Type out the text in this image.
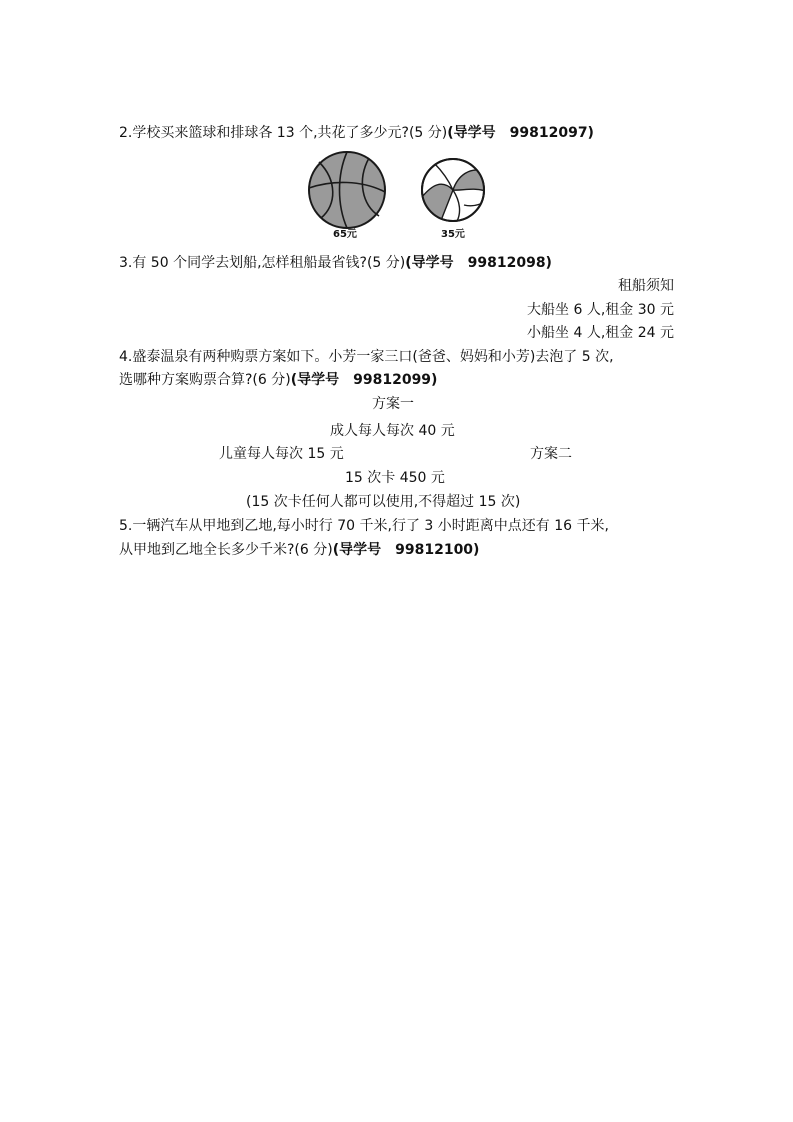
2.学校买来篮球和排球各 13 个,共花了多少元?(5 分)(导学号　99812097)
65元	35元
3.有 50 个同学去划船,怎样租船最省钱?(5 分)(导学号　99812098)
租船须知
大船坐 6 人,租金 30 元
小船坐 4 人,租金 24 元
4.盛泰温泉有两种购票方案如下。小芳一家三口(爸爸、妈妈和小芳)去泡了 5 次,
选哪种方案购票合算?(6 分)(导学号　99812099)
方案一
成人每人每次 40 元
儿童每人每次 15 元	方案二
15 次卡 450 元
(15 次卡任何人都可以使用,不得超过 15 次)
5.一辆汽车从甲地到乙地,每小时行 70 千米,行了 3 小时距离中点还有 16 千米,
从甲地到乙地全长多少千米?(6 分)(导学号　99812100)
